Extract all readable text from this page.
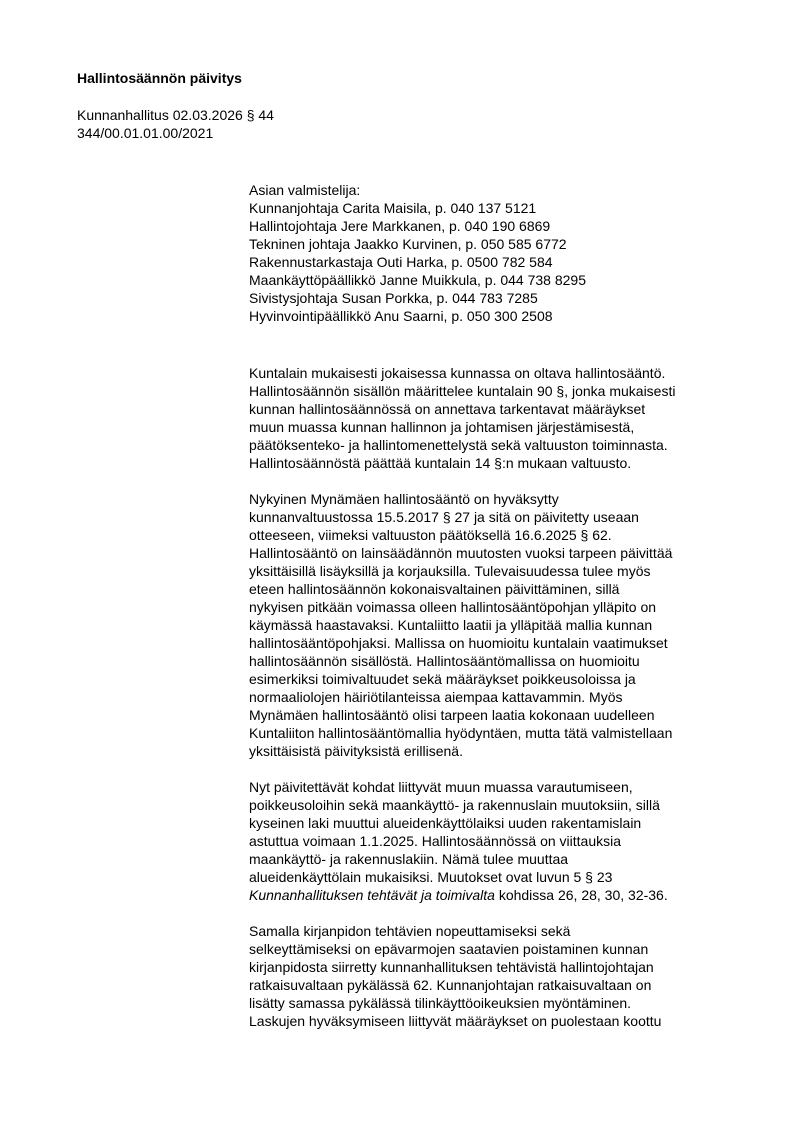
Hallintosäännön päivitys
Kunnanhallitus 02.03.2026 § 44
344/00.01.01.00/2021
Asian valmistelija:
Kunnanjohtaja Carita Maisila, p. 040 137 5121
Hallintojohtaja Jere Markkanen, p. 040 190 6869
Tekninen johtaja Jaakko Kurvinen, p. 050 585 6772
Rakennustarkastaja Outi Harka, p. 0500 782 584
Maankäyttöpäällikkö Janne Muikkula, p. 044 738 8295
Sivistysjohtaja Susan Porkka, p. 044 783 7285
Hyvinvointipäällikkö Anu Saarni, p. 050 300 2508
Kuntalain mukaisesti jokaisessa kunnassa on oltava hallintosääntö.
Hallintosäännön sisällön määrittelee kuntalain 90 §, jonka mukaisesti
kunnan hallintosäännössä on annettava tarkentavat määräykset
muun muassa kunnan hallinnon ja johtamisen järjestämisestä,
päätöksenteko- ja hallintomenettelystä sekä valtuuston toiminnasta.
Hallintosäännöstä päättää kuntalain 14 §:n mukaan valtuusto.
Nykyinen Mynämäen hallintosääntö on hyväksytty
kunnanvaltuustossa 15.5.2017 § 27 ja sitä on päivitetty useaan
otteeseen, viimeksi valtuuston päätöksellä 16.6.2025 § 62.
Hallintosääntö on lainsäädännön muutosten vuoksi tarpeen päivittää
yksittäisillä lisäyksillä ja korjauksilla. Tulevaisuudessa tulee myös
eteen hallintosäännön kokonaisvaltainen päivittäminen, sillä
nykyisen pitkään voimassa olleen hallintosääntöpohjan ylläpito on
käymässä haastavaksi. Kuntaliitto laatii ja ylläpitää mallia kunnan
hallintosääntöpohjaksi. Mallissa on huomioitu kuntalain vaatimukset
hallintosäännön sisällöstä. Hallintosääntömallissa on huomioitu
esimerkiksi toimivaltuudet sekä määräykset poikkeusoloissa ja
normaaliolojen häiriötilanteissa aiempaa kattavammin. Myös
Mynämäen hallintosääntö olisi tarpeen laatia kokonaan uudelleen
Kuntaliiton hallintosääntömallia hyödyntäen, mutta tätä valmistellaan
yksittäisistä päivityksistä erillisenä.
Nyt päivitettävät kohdat liittyvät muun muassa varautumiseen,
poikkeusoloihin sekä maankäyttö- ja rakennuslain muutoksiin, sillä
kyseinen laki muuttui alueidenkäyttölaiksi uuden rakentamislain
astuttua voimaan 1.1.2025. Hallintosäännössä on viittauksia
maankäyttö- ja rakennuslakiin. Nämä tulee muuttaa
alueidenkäyttölain mukaisiksi. Muutokset ovat luvun 5 § 23
Kunnanhallituksen tehtävät ja toimivalta kohdissa 26, 28, 30, 32-36.
Samalla kirjanpidon tehtävien nopeuttamiseksi sekä
selkeyttämiseksi on epävarmojen saatavien poistaminen kunnan
kirjanpidosta siirretty kunnanhallituksen tehtävistä hallintojohtajan
ratkaisuvaltaan pykälässä 62. Kunnanjohtajan ratkaisuvaltaan on
lisätty samassa pykälässä tilinkäyttöoikeuksien myöntäminen.
Laskujen hyväksymiseen liittyvät määräykset on puolestaan koottu
